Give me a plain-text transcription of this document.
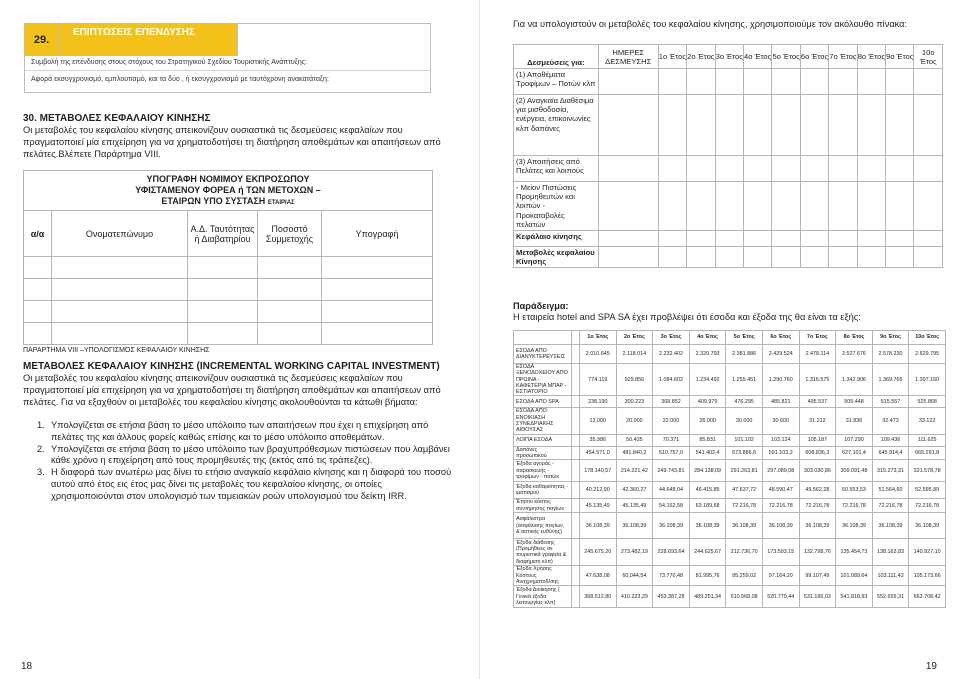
29.
ΕΠΙΠΤΩΣΕΙΣ ΕΠΕΝΔΥΣΗΣ
Συμβολή της επένδυσης στους στόχους του Στρατηγικού Σχεδίου Τουριστικής Ανάπτυξης:
Αφορά εκσυγχρονισμό, εμπλουτισμό, και τα δύο , ή εκσυγχρονισμό με ταυτόχρονη ανακατάταξη:
30. ΜΕΤΑΒΟΛΕΣ ΚΕΦΑΛΑΙΟΥ ΚΙΝΗΣΗΣ
Οι μεταβολές του κεφαλαίου κίνησης απεικονίζουν ουσιαστικά τις δεσμεύσεις κεφαλαίων που πραγματοποιεί μία επιχείρηση για να χρηματοδοτήσει τη διατήρηση αποθεμάτων και απαιτήσεων από πελάτες.Βλέπετε Παράρτημα VIII.
ΥΠΟΓΡΑΦΗ ΝΟΜΙΜΟΥ ΕΚΠΡΟΣΩΠΟΥ
ΥΦΙΣΤΑΜΕΝΟΥ ΦΟΡΕΑ ή ΤΩΝ ΜΕΤΟΧΩΝ –
ΕΤΑΙΡΩΝ ΥΠΟ ΣΥΣΤΑΣΗ ΕΤΑΙΡΙΑΣ				

α/α	Ονοματεπώνυμο	Α.Δ. Ταυτότητας ή Διαβατηρίου	Ποσοστό Συμμετοχής	Υπογραφή

ΠΑΡΑΡΤΗΜΑ VIII –ΥΠΟΛΟΓΙΣΜΟΣ ΚΕΦΑΛΑΙΟΥ ΚΙΝΗΣΗΣ
ΜΕΤΑΒΟΛΕΣ ΚΕΦΑΛΑΙΟΥ ΚΙΝΗΣΗΣ (INCREMENTAL WORKING CAPITAL INVESTMENT)
Οι μεταβολές του κεφαλαίου κίνησης απεικονίζουν ουσιαστικά τις δεσμεύσεις κεφαλαίων που πραγματοποιεί μία επιχείρηση για να χρηματοδοτήσει τη διατήρηση αποθεμάτων και απαιτήσεων από πελάτες. Για να εξαχθούν οι μεταβολές του κεφαλαίου κίνησης ακολουθούνται τα κάτωθι βήματα:
1. Υπολογίζεται σε ετήσια βάση το μέσο υπόλοιπο των απαιτήσεων που έχει η επιχείρηση από πελάτες της και άλλους φορείς καθώς επίσης και το μέσο υπόλοιπο αποθεμάτων.
2. Υπολογίζεται σε ετήσια βάση το μέσο υπόλοιπο των βραχυπρόθεσμων πιστώσεων που λαμβάνει κάθε χρόνο η επιχείρηση από τους προμηθευτές της (εκτός από τις τράπεζες).
3. Η διαφορά των ανωτέρω μας δίνει το ετήσιο αναγκαίο κεφάλαιο κίνησης και η διαφορά του ποσού αυτού από έτος εις έτος μας δίνει τις μεταβολές του κεφαλαίου κίνησης, οι οποίες χρησιμοποιούνται στον υπολογισμό των ταμειακών ροών υπολογισμού του δείκτη IRR.
18
Για να υπολογιστούν οι μεταβολές του κεφαλαίου κίνησης, χρησιμοποιούμε τον ακόλουθο πίνακα:
Δεσμεύσεις για:	ΗΜΕΡΕΣ ΔΕΣΜΕΥΣΗΣ	1ο Έτος	2ο Έτος	3ο Έτος	4ο Έτος	5ο Έτος	6ο Έτος	7ο Έτος	8ο Έτος	9ο Έτος	10ο Έτος
(1) Αποθέματα Τροφίμων – Ποτών κλπ											
(2) Αναγκαία Διαθέσιμα για μισθοδοσία, ενέργεια, επικοινωνίες κλπ δαπάνες											
(3) Απαιτήσεις από Πελάτες και λοιπούς											
- Μείον Πιστώσεις Προμηθευτών και λοιπών - Προκαταβολές πελατών											
Κεφάλαιο κίνησης											
Μεταβολές κεφαλαίου Κίνησης											
Παράδειγμα:
Η εταιρεία hotel and SPA SA έχει προβλέψει ότι έσοδα και έξοδα της θα είναι τα εξής:
		1ο Έτος	2ο Έτος	3ο Έτος	4ο Έτος	5ο Έτος	6ο Έτος	7ο Έτος	8ο Έτος	9ο Έτος	10ο Έτος
ΕΣΟΔΑ ΑΠΟ ΔΙΑΝΥΚΤΕΡΕΥΣΕΙΣ		2.010.645	2.118.014	2.232.402	2.320.793	2.381.886	2.429.524	2.478.114	2.527.676	2.578.230	2.629.795
ΕΣΟΔΑ ΞΕΝΟΔΟΧΕΙΟΥ ΑΠΟ ΠΡΩΙΝΑ - ΚΑΦΕΤΕΡΙΑ ΜΠΑΡ - ΕΣΤΙΑΤΟΡΙΟ		774.119	929.856	1.084.602	1.234.492	1.255.451	1.290.760	1.316.575	1.342.906	1.369.765	1.397.160
ΕΣΟΔΑ ΑΠΟ SPA		238.190	300.223	368.852	409.979	476.295	485.821	495.537	505.448	515.557	525.868
ΕΣΟΔΑ ΑΠΟ ΕΝΟΙΚΙΑΣΗ ΣΥΝΕΔΡΙΑΚΗΣ ΑΙΘΟΥΣΑΣ		12.000	20.000	22.000	26.000	30.000	30.600	31.212	31.836	32.473	33.122
ΛΟΙΠΑ ΕΣΟΔΑ		35.986	50.435	70.371	85.831	101.102	103.124	105.187	107.290	109.436	111.625
Δαπάνες προσωπικού		454.571,0	481.840,2	510.757,0	541.402,4	573.886,6	591.103,2	608.836,3	627.101,4	645.914,4	665.291,8
Έξοδα αγοράς - παρασκευής - τροφίμων - ποτών		178.140,57	214.221,42	249.743,81	284.138,09	291.263,81	297.089,08	303.030,86	309.091,48	315.273,31	321.578,78
Έξοδα καθαριότητας - ιματισμού		40.212,90	42.360,27	44.648,04	46.415,85	47.637,72	48.590,47	49.562,28	50.553,53	51.564,60	52.595,89
Έτησιο κόστος συντήρησης παγίων		45.135,49	45.135,49	54.162,58	63.189,68	72.216,78	72.216,78	72.216,78	72.216,78	72.216,78	72.216,78
Ασφάλιστρα (ασφάλισης παγίων, & αστικής ευθύνης)		36.108,39	36.108,39	36.108,39	36.108,39	36.108,39	36.108,39	36.108,39	36.108,39	36.108,39	36.108,39
Έξοδα διάθεσης (Προμήθειες σε τουριστικά γραφεία & διαφήμιση κλπ)		245.675,20	273.482,19	228.693,64	244.625,67	212.736,70	173.593,15	132.798,76	135.454,73	138.163,83	140.927,10
Έξοδα Χρήσης Κόστους Αναχρηματοδ/σης		47.638,08	60.044,54	73.770,48	81.995,76	95.259,02	97.164,20	99.107,49	101.089,64	103.111,43	105.173,66
Έξοδα Διοίκησης ( Γενικά έξοδα λειτουργίας κλπ)		368.512,80	410.223,29	453.387,28	489.251,34	510.568,08	520.779,44	531.195,03	541.818,93	552.655,31	563.708,42
19
